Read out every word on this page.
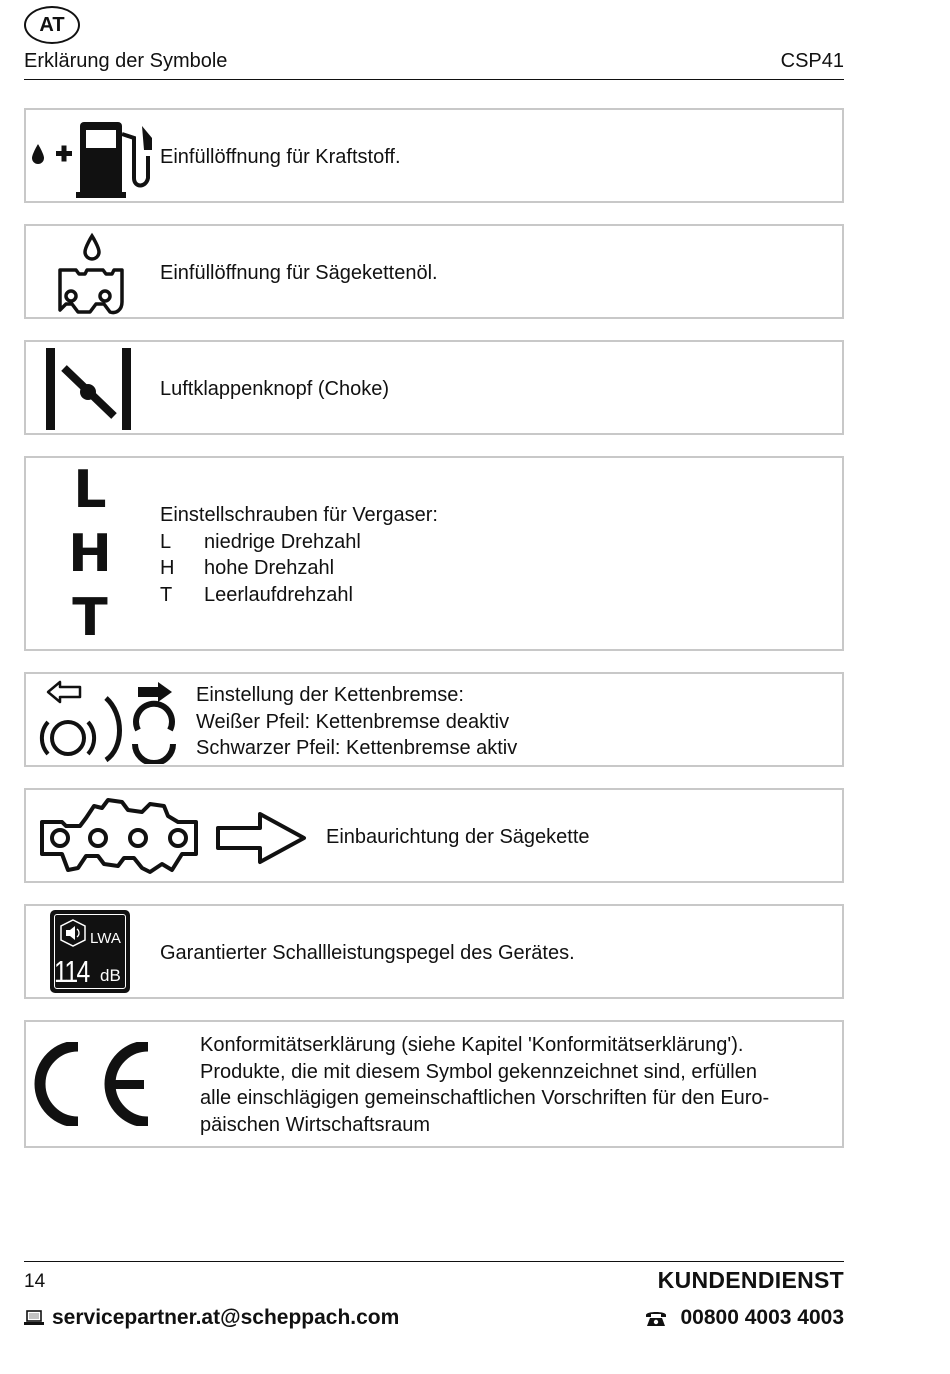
AT
Erklärung der Symbole	CSP41
Einfüllöffnung für Kraftstoff.
Einfüllöffnung für Sägekettenöl.
Luftklappenknopf (Choke)
L
H
T
Einstellschrauben für Vergaser:
L niedrige Drehzahl
H hohe Drehzahl
T Leerlaufdrehzahl
Einstellung der Kettenbremse:
Weißer Pfeil: Kettenbremse deaktiv
Schwarzer Pfeil: Kettenbremse aktiv
Einbaurichtung der Sägekette
LWA
114 dB
Garantierter Schallleistungspegel des Gerätes.
Konformitätserklärung (siehe Kapitel 'Konformitätserklärung').
Produkte, die mit diesem Symbol gekennzeichnet sind, erfüllen
alle einschlägigen gemeinschaftlichen Vorschriften für den Euro-
päischen Wirtschaftsraum
14	KUNDENDIENST
servicepartner.at@scheppach.com	00800 4003 4003
